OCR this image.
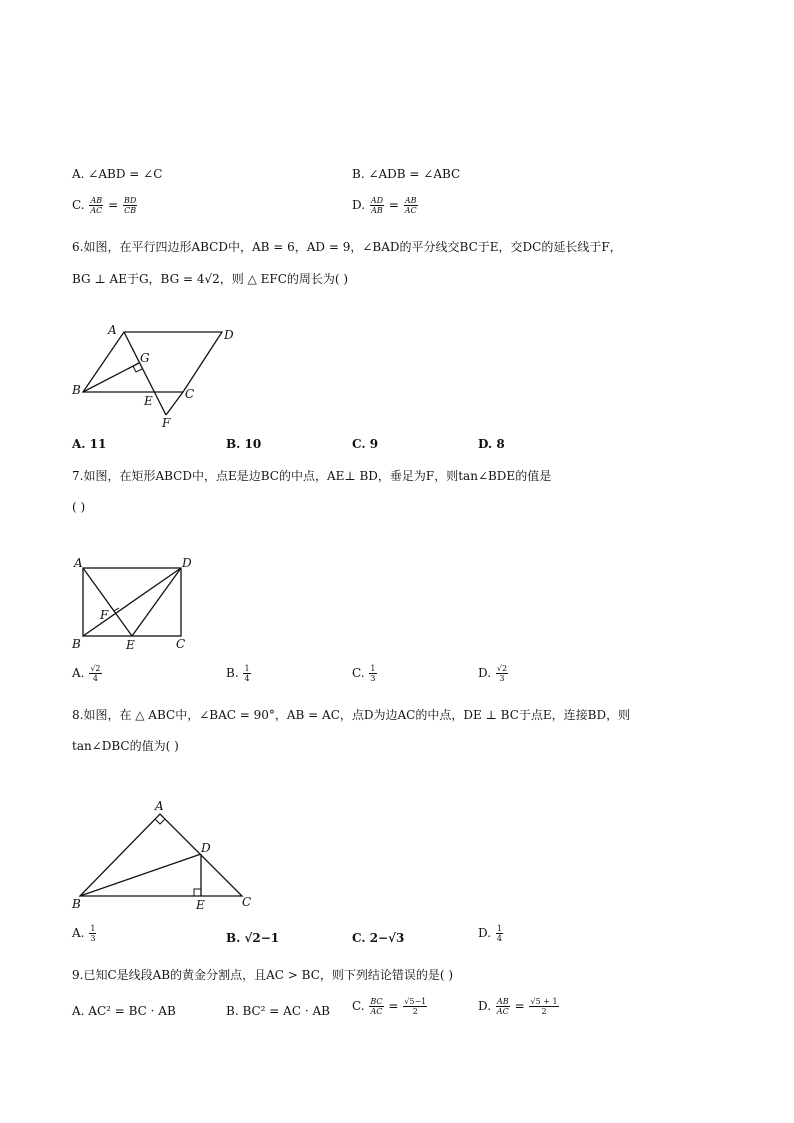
A. ∠ABD = ∠C	B. ∠ADB = ∠ABC
C. $\frac{AB}{AC} = \frac{BD}{CB}$	D. $\frac{AD}{AB} = \frac{AB}{AC}$
6.如图，在平行四边形ABCD中，AB = 6，AD = 9，∠BAD的平分线交BC于E，交DC的延长线于F，
BG ⊥ AE于G，BG = 4√2，则 △ EFC的周长为( )
A	D
G
B
E	C
F
A. 11	B. 10	C. 9	D. 8
7.如图，在矩形ABCD中，点E是边BC的中点，AE⊥ BD，垂足为F，则tan∠BDE的值是
( )
A	D
F
B	E	C
A. $\frac{√2}{4}$	B. $\frac{1}{4}$	C. $\frac{1}{3}$	D. $\frac{√2}{3}$
8.如图，在 △ ABC中，∠BAC = 90°，AB = AC，点D为边AC的中点，DE ⊥ BC于点E，连接BD，则
tan∠DBC的值为( )
A
D
B	E	C
A. $\frac{1}{3}$	B. √2−1	C. 2−√3	D. $\frac{1}{4}$
9.已知C是线段AB的黄金分割点，且AC > BC，则下列结论错误的是( )
A. AC² = BC · AB	B. BC² = AC · AB C. $\frac{BC}{AC} = \frac{√5-1}{2}$	D. $\frac{AB}{AC} = \frac{√5 + 1}{2}$
